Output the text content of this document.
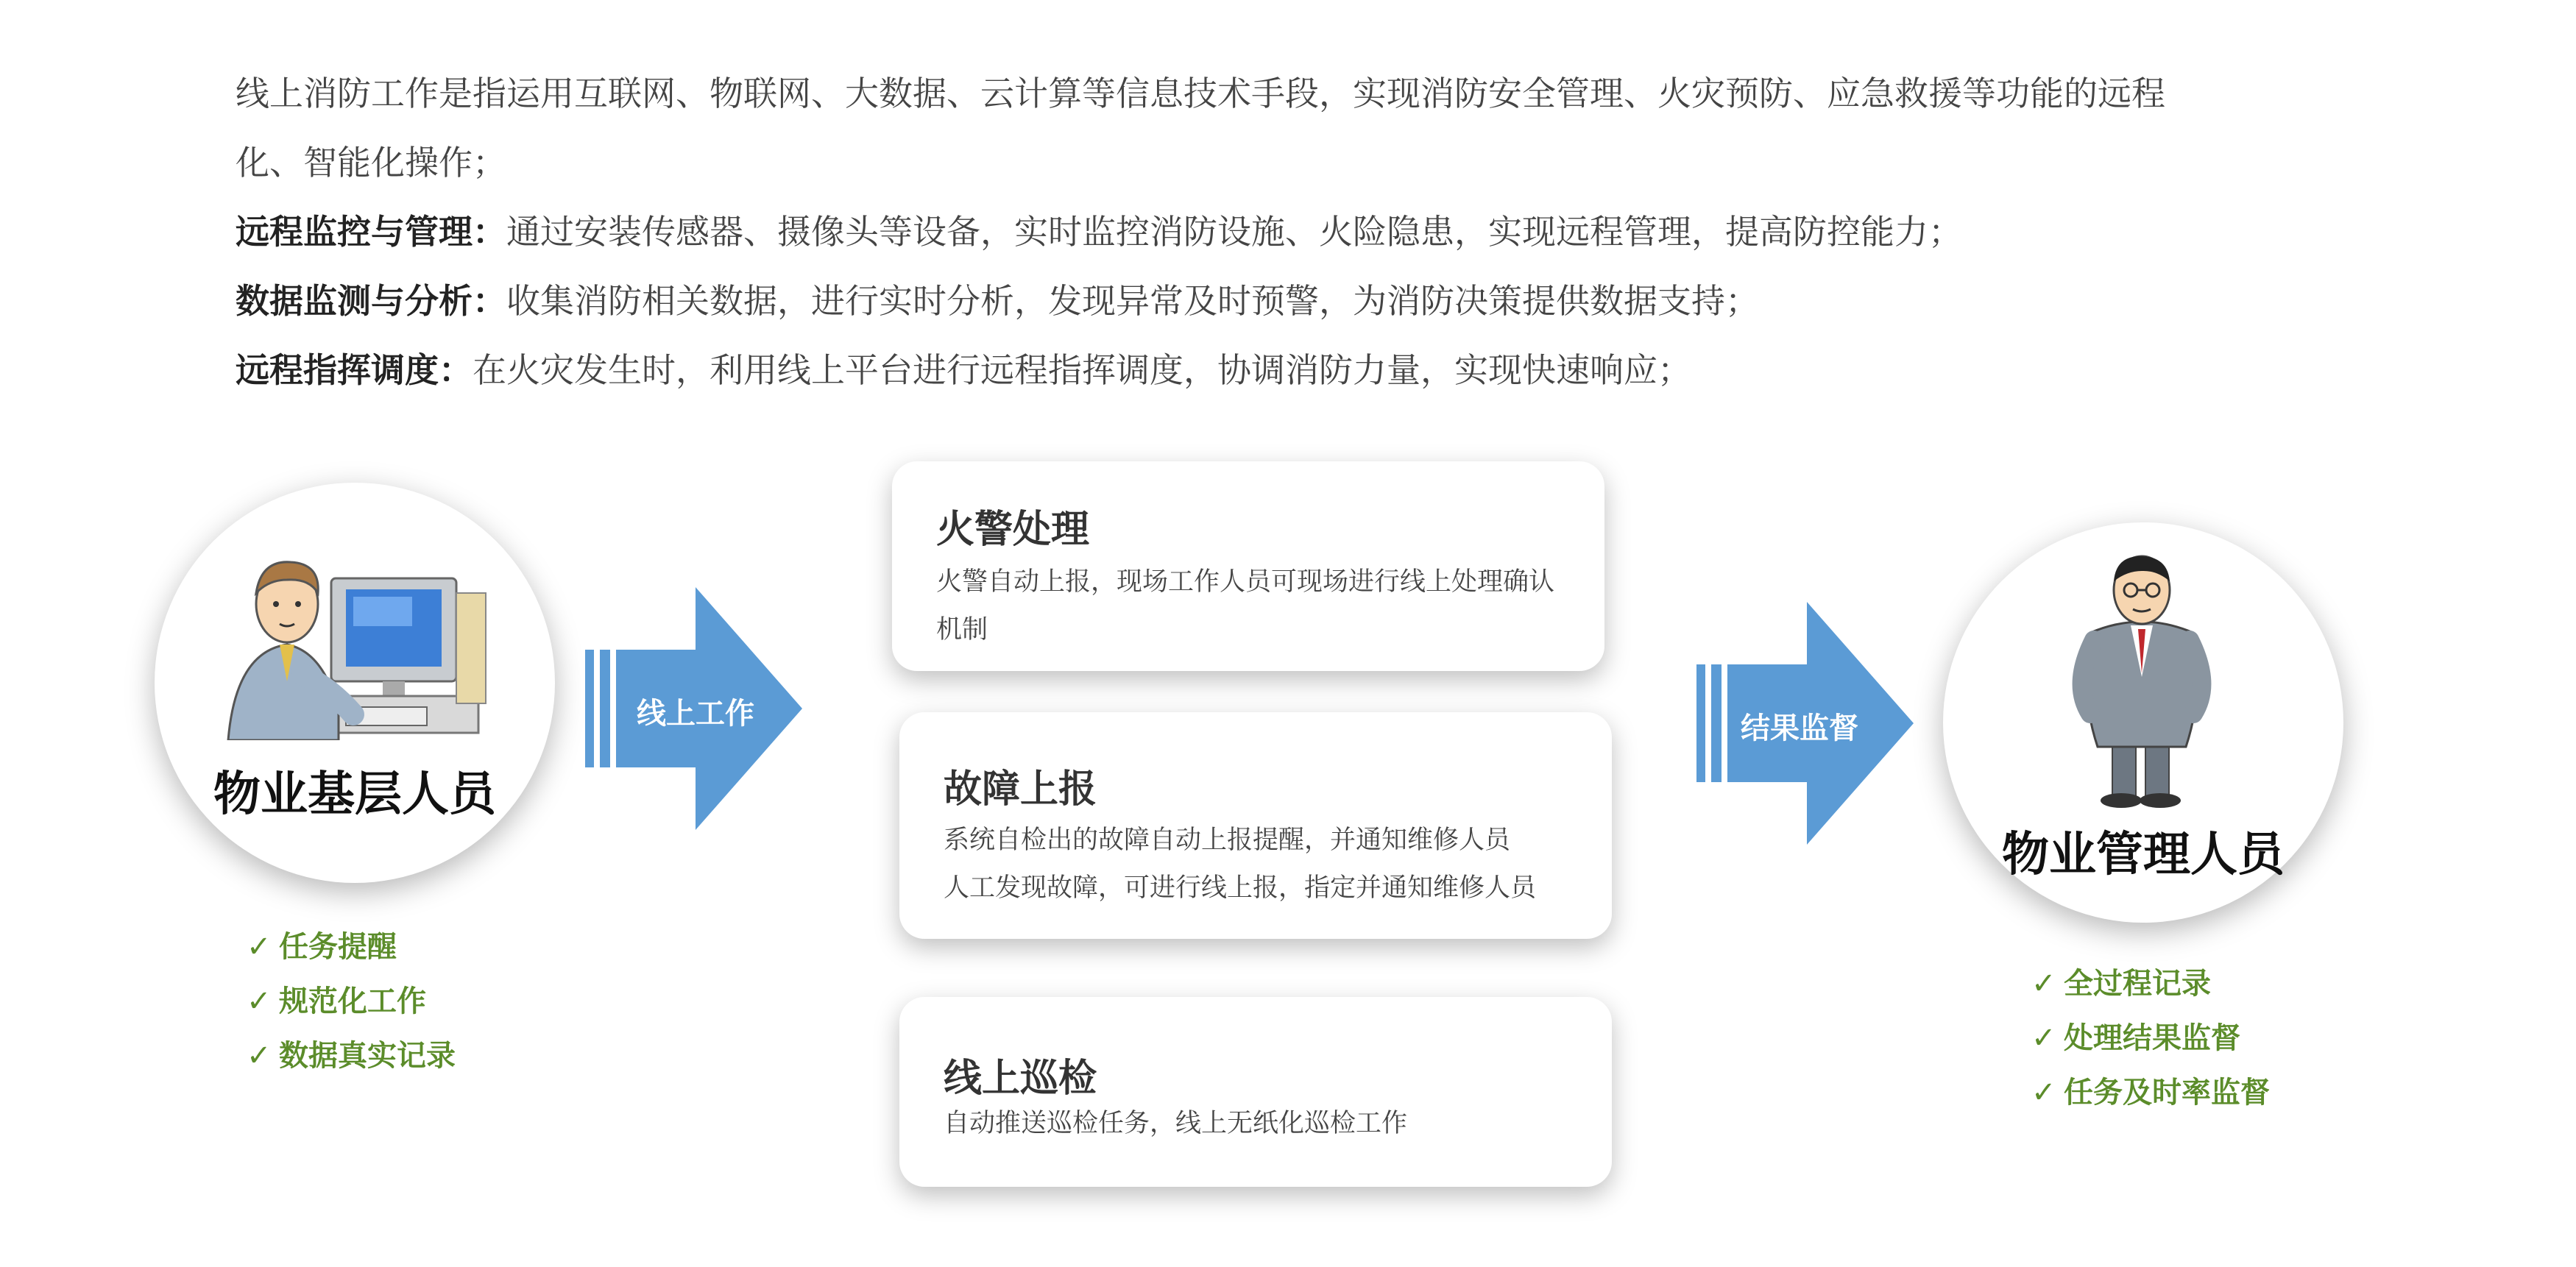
线上消防工作是指运用互联网、物联网、大数据、云计算等信息技术手段，实现消防安全管理、火灾预防、应急救援等功能的远程

化、智能化操作；

远程监控与管理：通过安装传感器、摄像头等设备，实时监控消防设施、火险隐患，实现远程管理，提高防控能力；

数据监测与分析：收集消防相关数据，进行实时分析，发现异常及时预警，为消防决策提供数据支持；

远程指挥调度：在火灾发生时，利用线上平台进行远程指挥调度，协调消防力量，实现快速响应；

物业基层人员
✓ 任务提醒
✓ 规范化工作
✓ 数据真实记录
线上工作
火警处理
火警自动上报，现场工作人员可现场进行线上处理确认
机制
故障上报
系统自检出的故障自动上报提醒，并通知维修人员
人工发现故障，可进行线上报，指定并通知维修人员
线上巡检
自动推送巡检任务，线上无纸化巡检工作
结果监督
物业管理人员
✓ 全过程记录
✓ 处理结果监督
✓ 任务及时率监督
